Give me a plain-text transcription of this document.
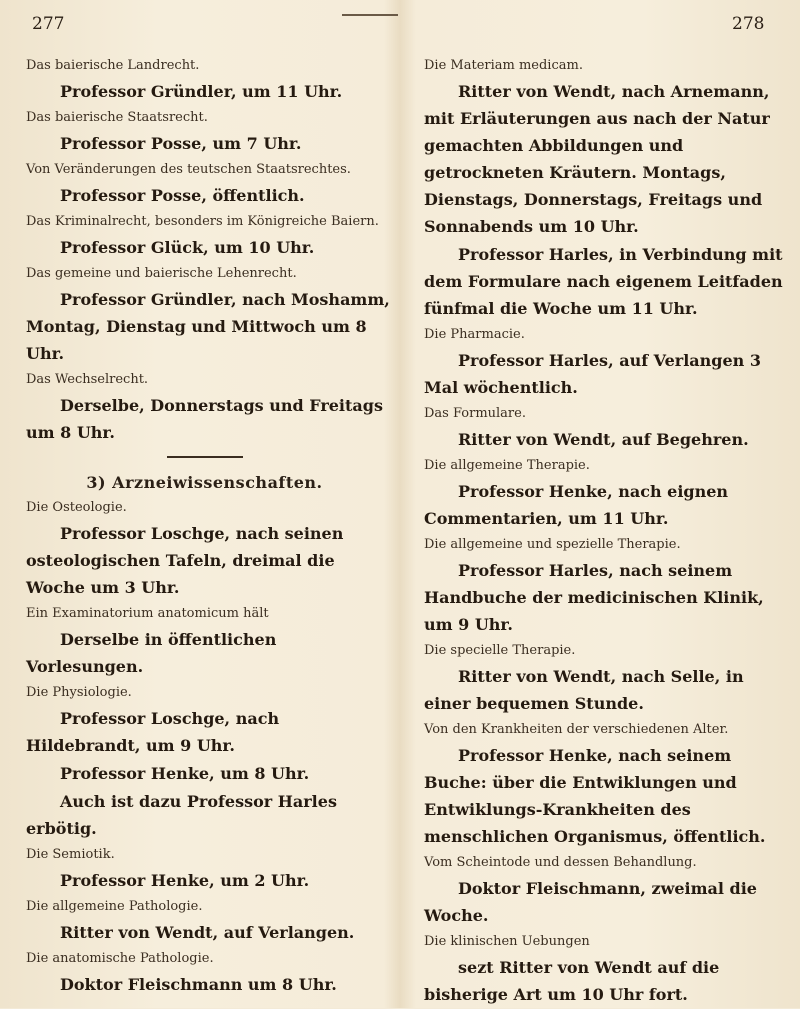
277
Das baierische Landrecht.
Professor Gründler, um 11 Uhr.
Das baierische Staatsrecht.
Professor Posse, um 7 Uhr.
Von Veränderungen des teutschen Staatsrechtes.
Professor Posse, öffentlich.
Das Kriminalrecht, besonders im Königreiche Baiern.
Professor Glück, um 10 Uhr.
Das gemeine und baierische Lehenrecht.
Professor Gründler, nach Moshamm, Montag, Dienstag und Mittwoch um 8 Uhr.
Das Wechselrecht.
Derselbe, Donnerstags und Freitags um 8 Uhr.
3) Arzneiwissenschaften.
Die Osteologie.
Professor Loschge, nach seinen osteologischen Tafeln, dreimal die Woche um 3 Uhr.
Ein Examinatorium anatomicum hält
Derselbe in öffentlichen Vorlesungen.
Die Physiologie.
Professor Loschge, nach Hildebrandt, um 9 Uhr.
Professor Henke, um 8 Uhr.
Auch ist dazu Professor Harles erbötig.
Die Semiotik.
Professor Henke, um 2 Uhr.
Die allgemeine Pathologie.
Ritter von Wendt, auf Verlangen.
Die anatomische Pathologie.
Doktor Fleischmann um 8 Uhr.
278
Die Materiam medicam.
Ritter von Wendt, nach Arnemann, mit Erläuterungen aus nach der Natur gemachten Abbildungen und getrockneten Kräutern. Montags, Dienstags, Donnerstags, Freitags und Sonnabends um 10 Uhr.
Professor Harles, in Verbindung mit dem Formulare nach eigenem Leitfaden fünfmal die Woche um 11 Uhr.
Die Pharmacie.
Professor Harles, auf Verlangen 3 Mal wöchentlich.
Das Formulare.
Ritter von Wendt, auf Begehren.
Die allgemeine Therapie.
Professor Henke, nach eignen Commentarien, um 11 Uhr.
Die allgemeine und spezielle Therapie.
Professor Harles, nach seinem Handbuche der medicinischen Klinik, um 9 Uhr.
Die specielle Therapie.
Ritter von Wendt, nach Selle, in einer bequemen Stunde.
Von den Krankheiten der verschiedenen Alter.
Professor Henke, nach seinem Buche: über die Entwiklungen und Entwiklungs-Krankheiten des menschlichen Organismus, öffentlich.
Vom Scheintode und dessen Behandlung.
Doktor Fleischmann, zweimal die Woche.
Die klinischen Uebungen
sezt Ritter von Wendt auf die bisherige Art um 10 Uhr fort.
